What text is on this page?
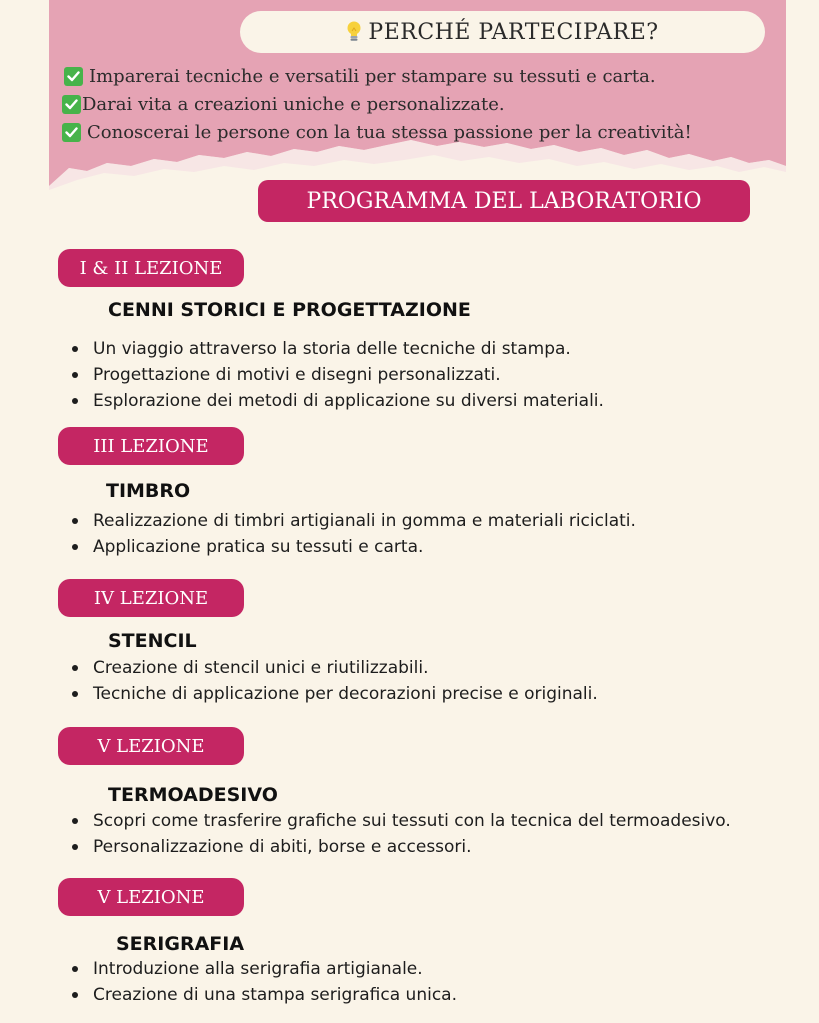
PERCHÉ PARTECIPARE?
Imparerai tecniche e versatili per stampare su tessuti e carta.
Darai vita a creazioni uniche e personalizzate.
Conoscerai le persone con la tua stessa passione per la creatività!
PROGRAMMA DEL LABORATORIO
I & II LEZIONE
CENNI STORICI E PROGETTAZIONE
Un viaggio attraverso la storia delle tecniche di stampa.
Progettazione di motivi e disegni personalizzati.
Esplorazione dei metodi di applicazione su diversi materiali.
III LEZIONE
TIMBRO
Realizzazione di timbri artigianali in gomma e materiali riciclati.
Applicazione pratica su tessuti e carta.
IV LEZIONE
STENCIL
Creazione di stencil unici e riutilizzabili.
Tecniche di applicazione per decorazioni precise e originali.
V LEZIONE
TERMOADESIVO
Scopri come trasferire grafiche sui tessuti con la tecnica del termoadesivo.
Personalizzazione di abiti, borse e accessori.
V LEZIONE
SERIGRAFIA
Introduzione alla serigrafia artigianale.
Creazione di una stampa serigrafica unica.
